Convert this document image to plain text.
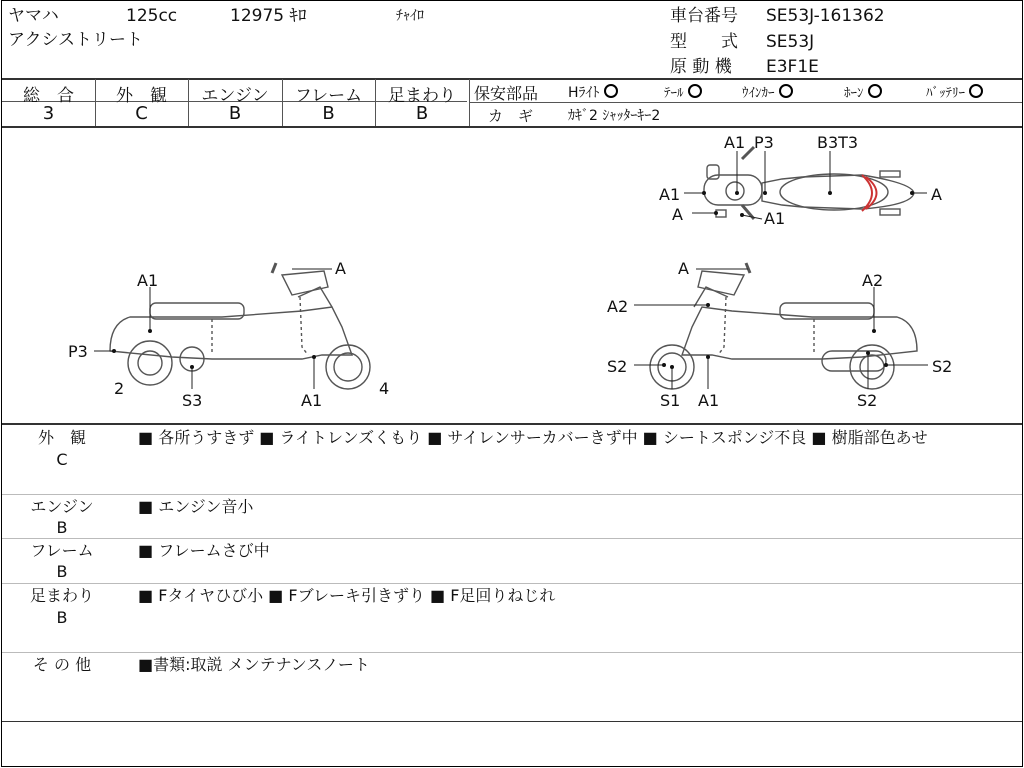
ヤマハ	125cc	12975 ｷﾛ	ﾁｬｲﾛ
アクシストリート
車台番号 SE53J-161362
型　　式 SE53J
原 動 機 E3F1E
総　合	外　観	エンジン	フレーム	足まわり
3	C	B	B	B
保安部品 Hﾗｲﾄ	ﾃｰﾙ	ｳｲﾝｶｰ	ﾎｰﾝ	ﾊﾞｯﾃﾘｰ
カ　ギ ｶｷﾞ2 ｼｬｯﾀｰｷｰ2
A1 P3	B3T3
A1	A
A	A1
A
A1
P3
2
S3	A1
4
A
A2
A2
S2	S2
S1 A1	S2
外　観
C
■ 各所うすきず ■ ライトレンズくもり ■ サイレンサーカバーきず中 ■ シートスポンジ不良 ■ 樹脂部色あせ
エンジン
B
■ エンジン音小
フレーム
B
■ フレームさび中
足まわり
B
■ Fタイヤひび小 ■ Fブレーキ引きずり ■ F足回りねじれ
そ の 他	■書類:取説 メンテナンスノート
